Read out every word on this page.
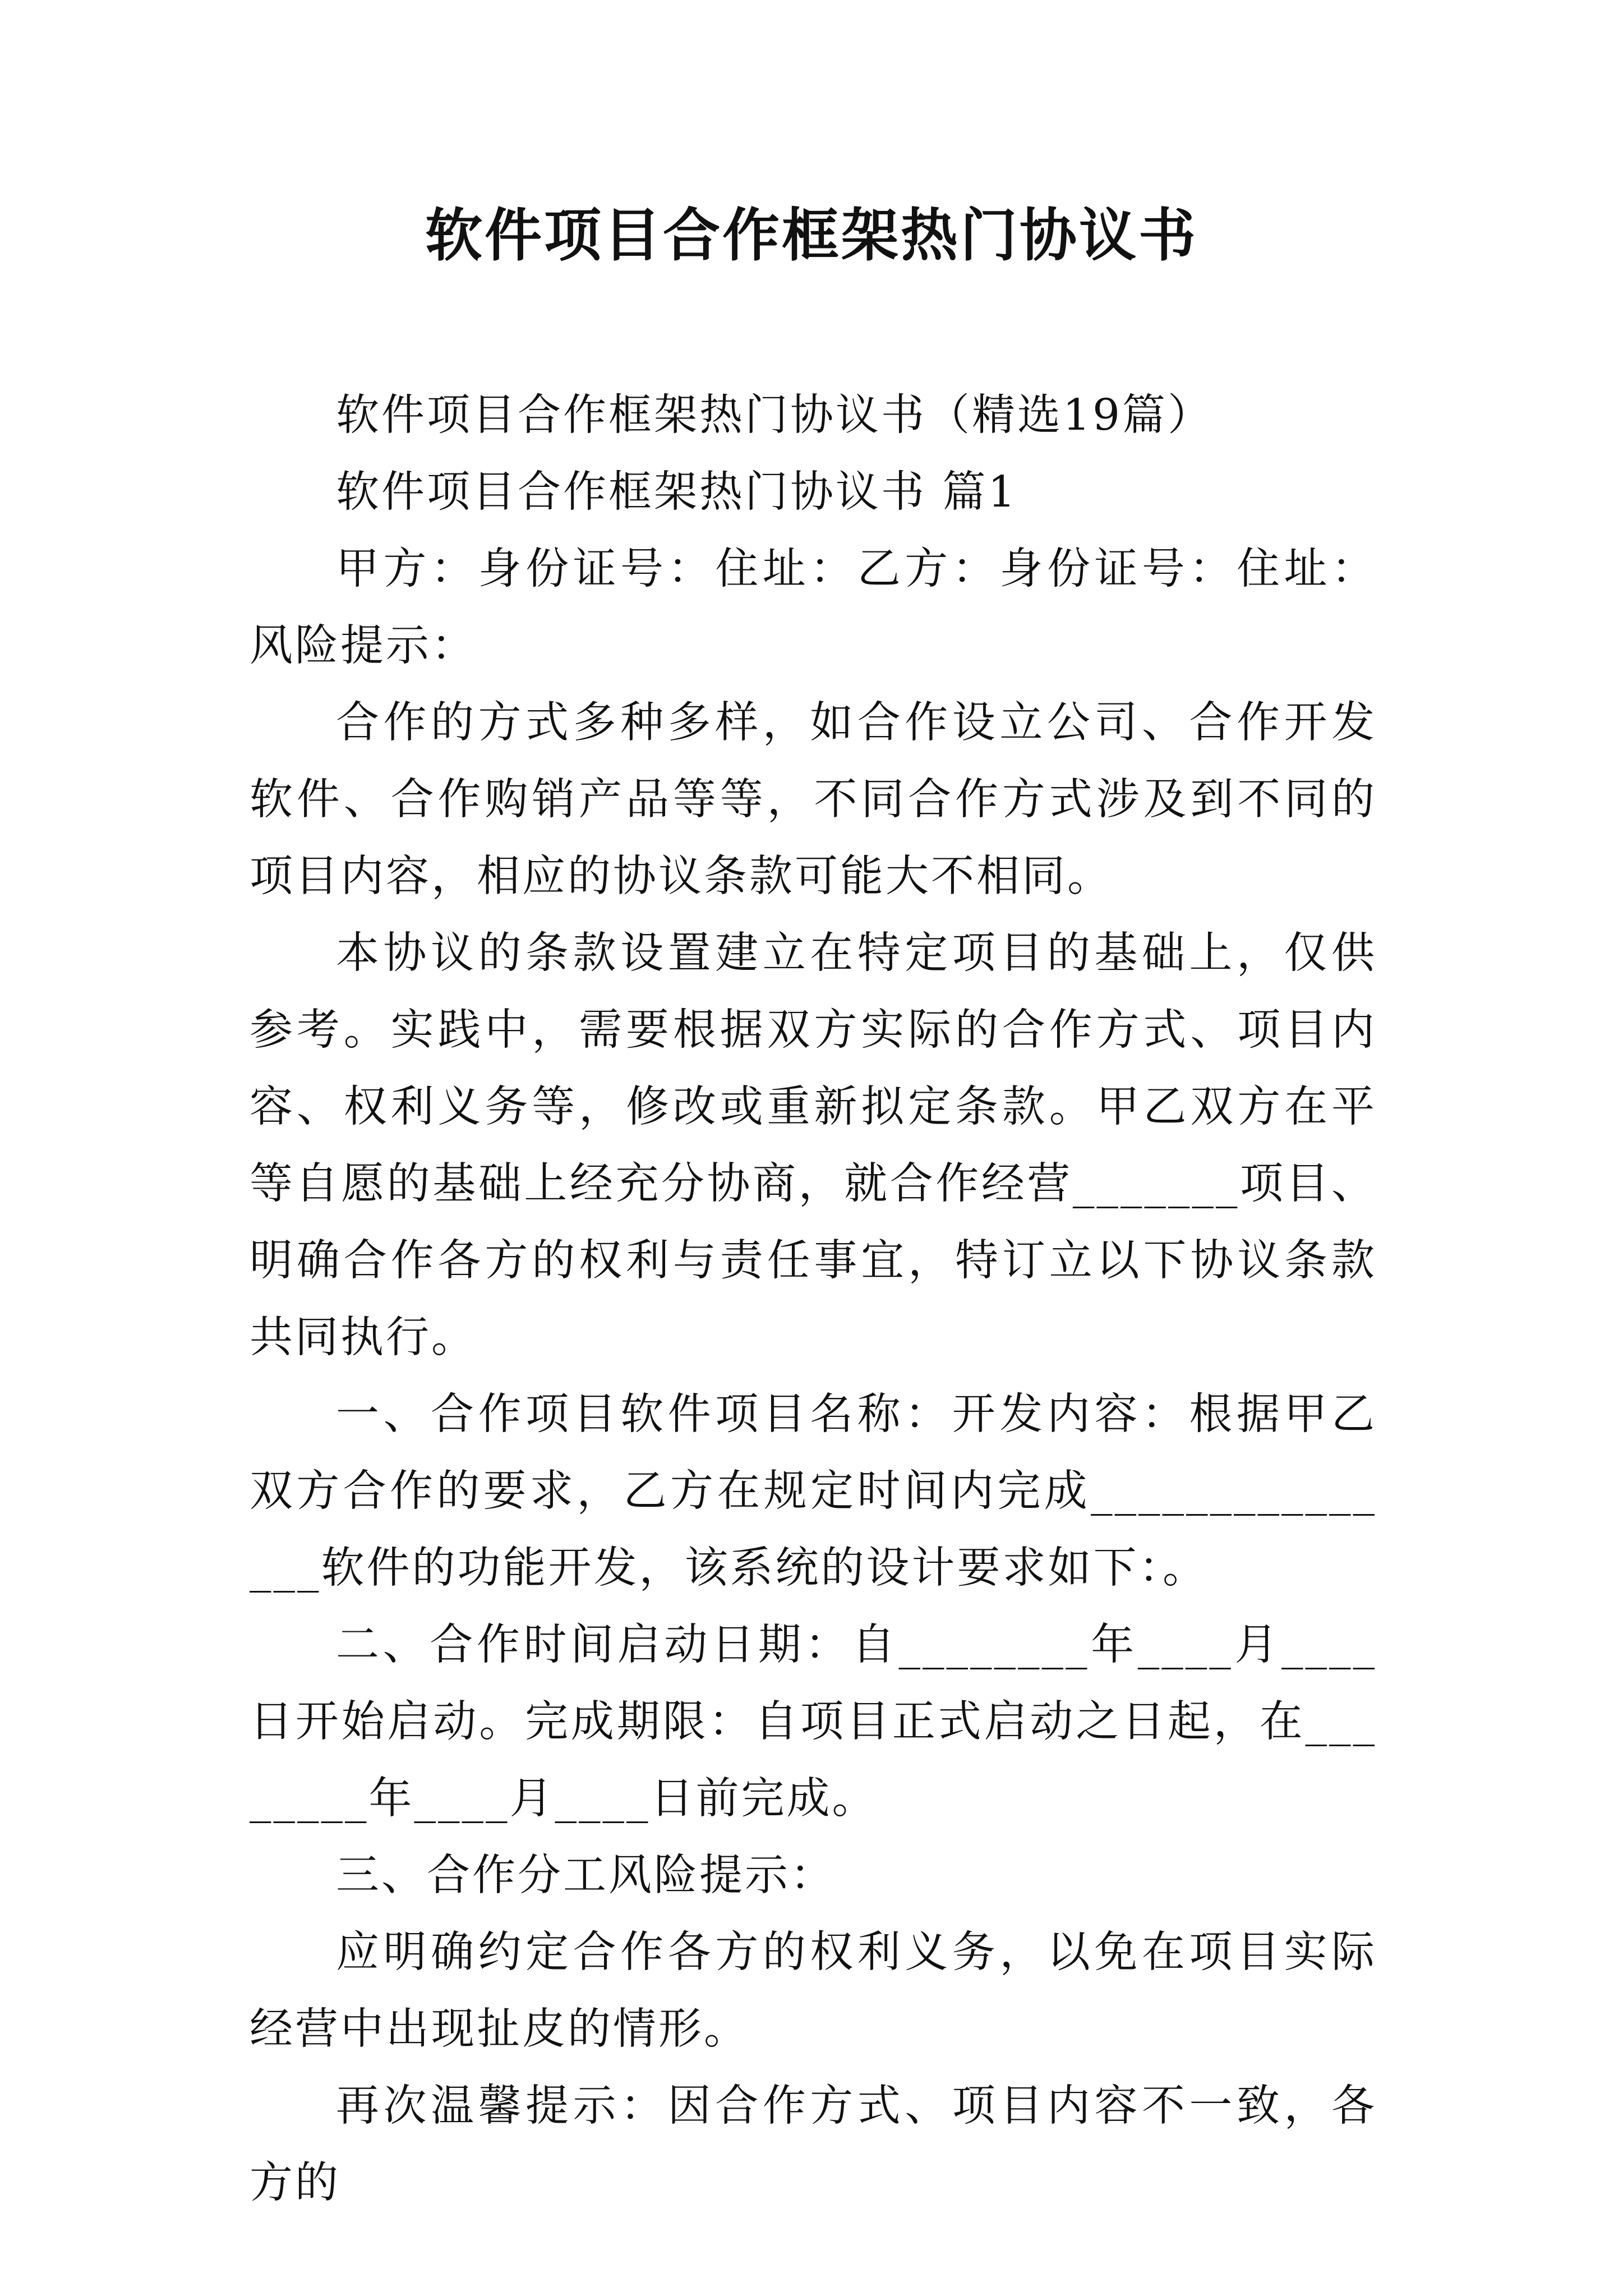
软件项目合作框架热门协议书

软件项目合作框架热门协议书（精选19篇）

软件项目合作框架热门协议书 篇1

甲方：身份证号：住址：乙方：身份证号：住址：风险提示：

合作的方式多种多样，如合作设立公司、合作开发软件、合作购销产品等等，不同合作方式涉及到不同的项目内容，相应的协议条款可能大不相同。

本协议的条款设置建立在特定项目的基础上，仅供参考。实践中，需要根据双方实际的合作方式、项目内容、权利义务等，修改或重新拟定条款。甲乙双方在平等自愿的基础上经充分协商，就合作经营_______项目、明确合作各方的权利与责任事宜，特订立以下协议条款共同执行。

一、合作项目软件项目名称：开发内容：根据甲乙双方合作的要求，乙方在规定时间内完成_______________软件的功能开发，该系统的设计要求如下：。

二、合作时间启动日期：自________年____月____日开始启动。完成期限：自项目正式启动之日起，在________年____月____日前完成。

三、合作分工风险提示：

应明确约定合作各方的权利义务，以免在项目实际经营中出现扯皮的情形。

再次温馨提示：因合作方式、项目内容不一致，各方的
